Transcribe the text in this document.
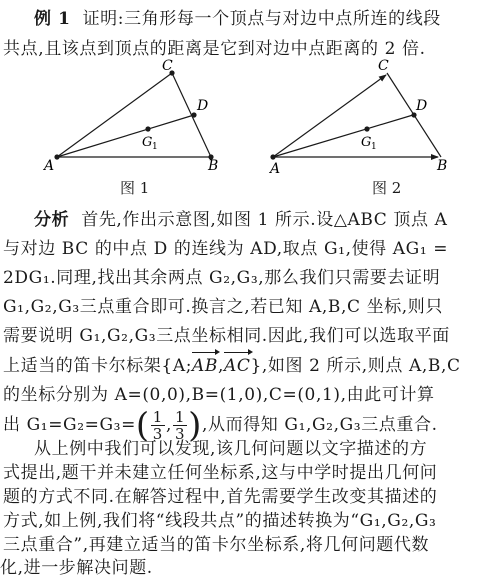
例 1 证明:三角形每一个顶点与对边中点所连的线段
共点,且该点到顶点的距离是它到对边中点距离的 2 倍.
A	B
C
D
G 1
图 1
A	B
C
D
G 1
图 2
分析 首先,作出示意图,如图 1 所示.设△ABC 顶点 A
与对边 BC 的中点 D 的连线为 AD,取点 G₁,使得 AG₁ =
2DG₁.同理,找出其余两点 G₂,G₃,那么我们只需要去证明
G₁,G₂,G₃三点重合即可.换言之,若已知 A,B,C 坐标,则只
需要说明 G₁,G₂,G₃三点坐标相同.因此,我们可以选取平面
上适当的笛卡尔标架{A;AB,AC},如图 2 所示,则点 A,B,C
的坐标分别为 A=(0,0),B=(1,0),C=(0,1),由此可计算
出 $G_1=G_2=G_3=( \frac{1}{3}$ , $\frac{1}{3}$ ),从而得知 G₁,G₂,G₃三点重合.
从上例中我们可以发现,该几何问题以文字描述的方
式提出,题干并未建立任何坐标系,这与中学时提出几何问
题的方式不同.在解答过程中,首先需要学生改变其描述的
方式,如上例,我们将“线段共点”的描述转换为“G₁,G₂,G₃
三点重合”,再建立适当的笛卡尔坐标系,将几何问题代数
化,进一步解决问题.
